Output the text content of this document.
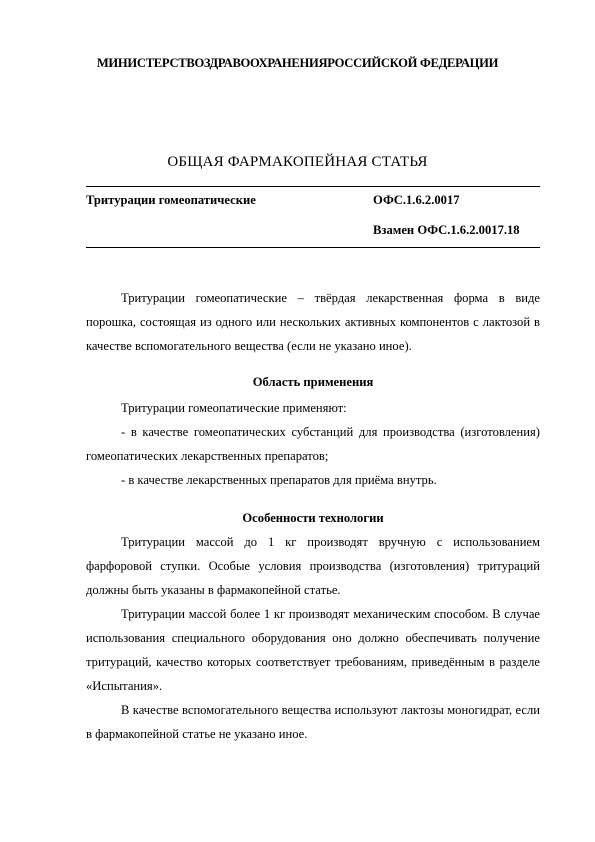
МИНИСТЕРСТВОЗДРАВООХРАНЕНИЯРОССИЙСКОЙ ФЕДЕРАЦИИ
ОБЩАЯ ФАРМАКОПЕЙНАЯ СТАТЬЯ
Тритурации гомеопатические	ОФС.1.6.2.0017
Взамен ОФС.1.6.2.0017.18

Тритурации гомеопатические – твёрдая лекарственная форма в виде порошка, состоящая из одного или нескольких активных компонентов с лактозой в качестве вспомогательного вещества (если не указано иное).

Область применения

Тритурации гомеопатические применяют:

- в качестве гомеопатических субстанций для производства (изготовления) гомеопатических лекарственных препаратов;

- в качестве лекарственных препаратов для приёма внутрь.

Особенности технологии

Тритурации массой до 1 кг производят вручную с использованием фарфоровой ступки. Особые условия производства (изготовления) тритураций должны быть указаны в фармакопейной статье.

Тритурации массой более 1 кг производят механическим способом. В случае использования специального оборудования оно должно обеспечивать получение тритураций, качество которых соответствует требованиям, приведённым в разделе «Испытания».

В качестве вспомогательного вещества используют лактозы моногидрат, если в фармакопейной статье не указано иное.
